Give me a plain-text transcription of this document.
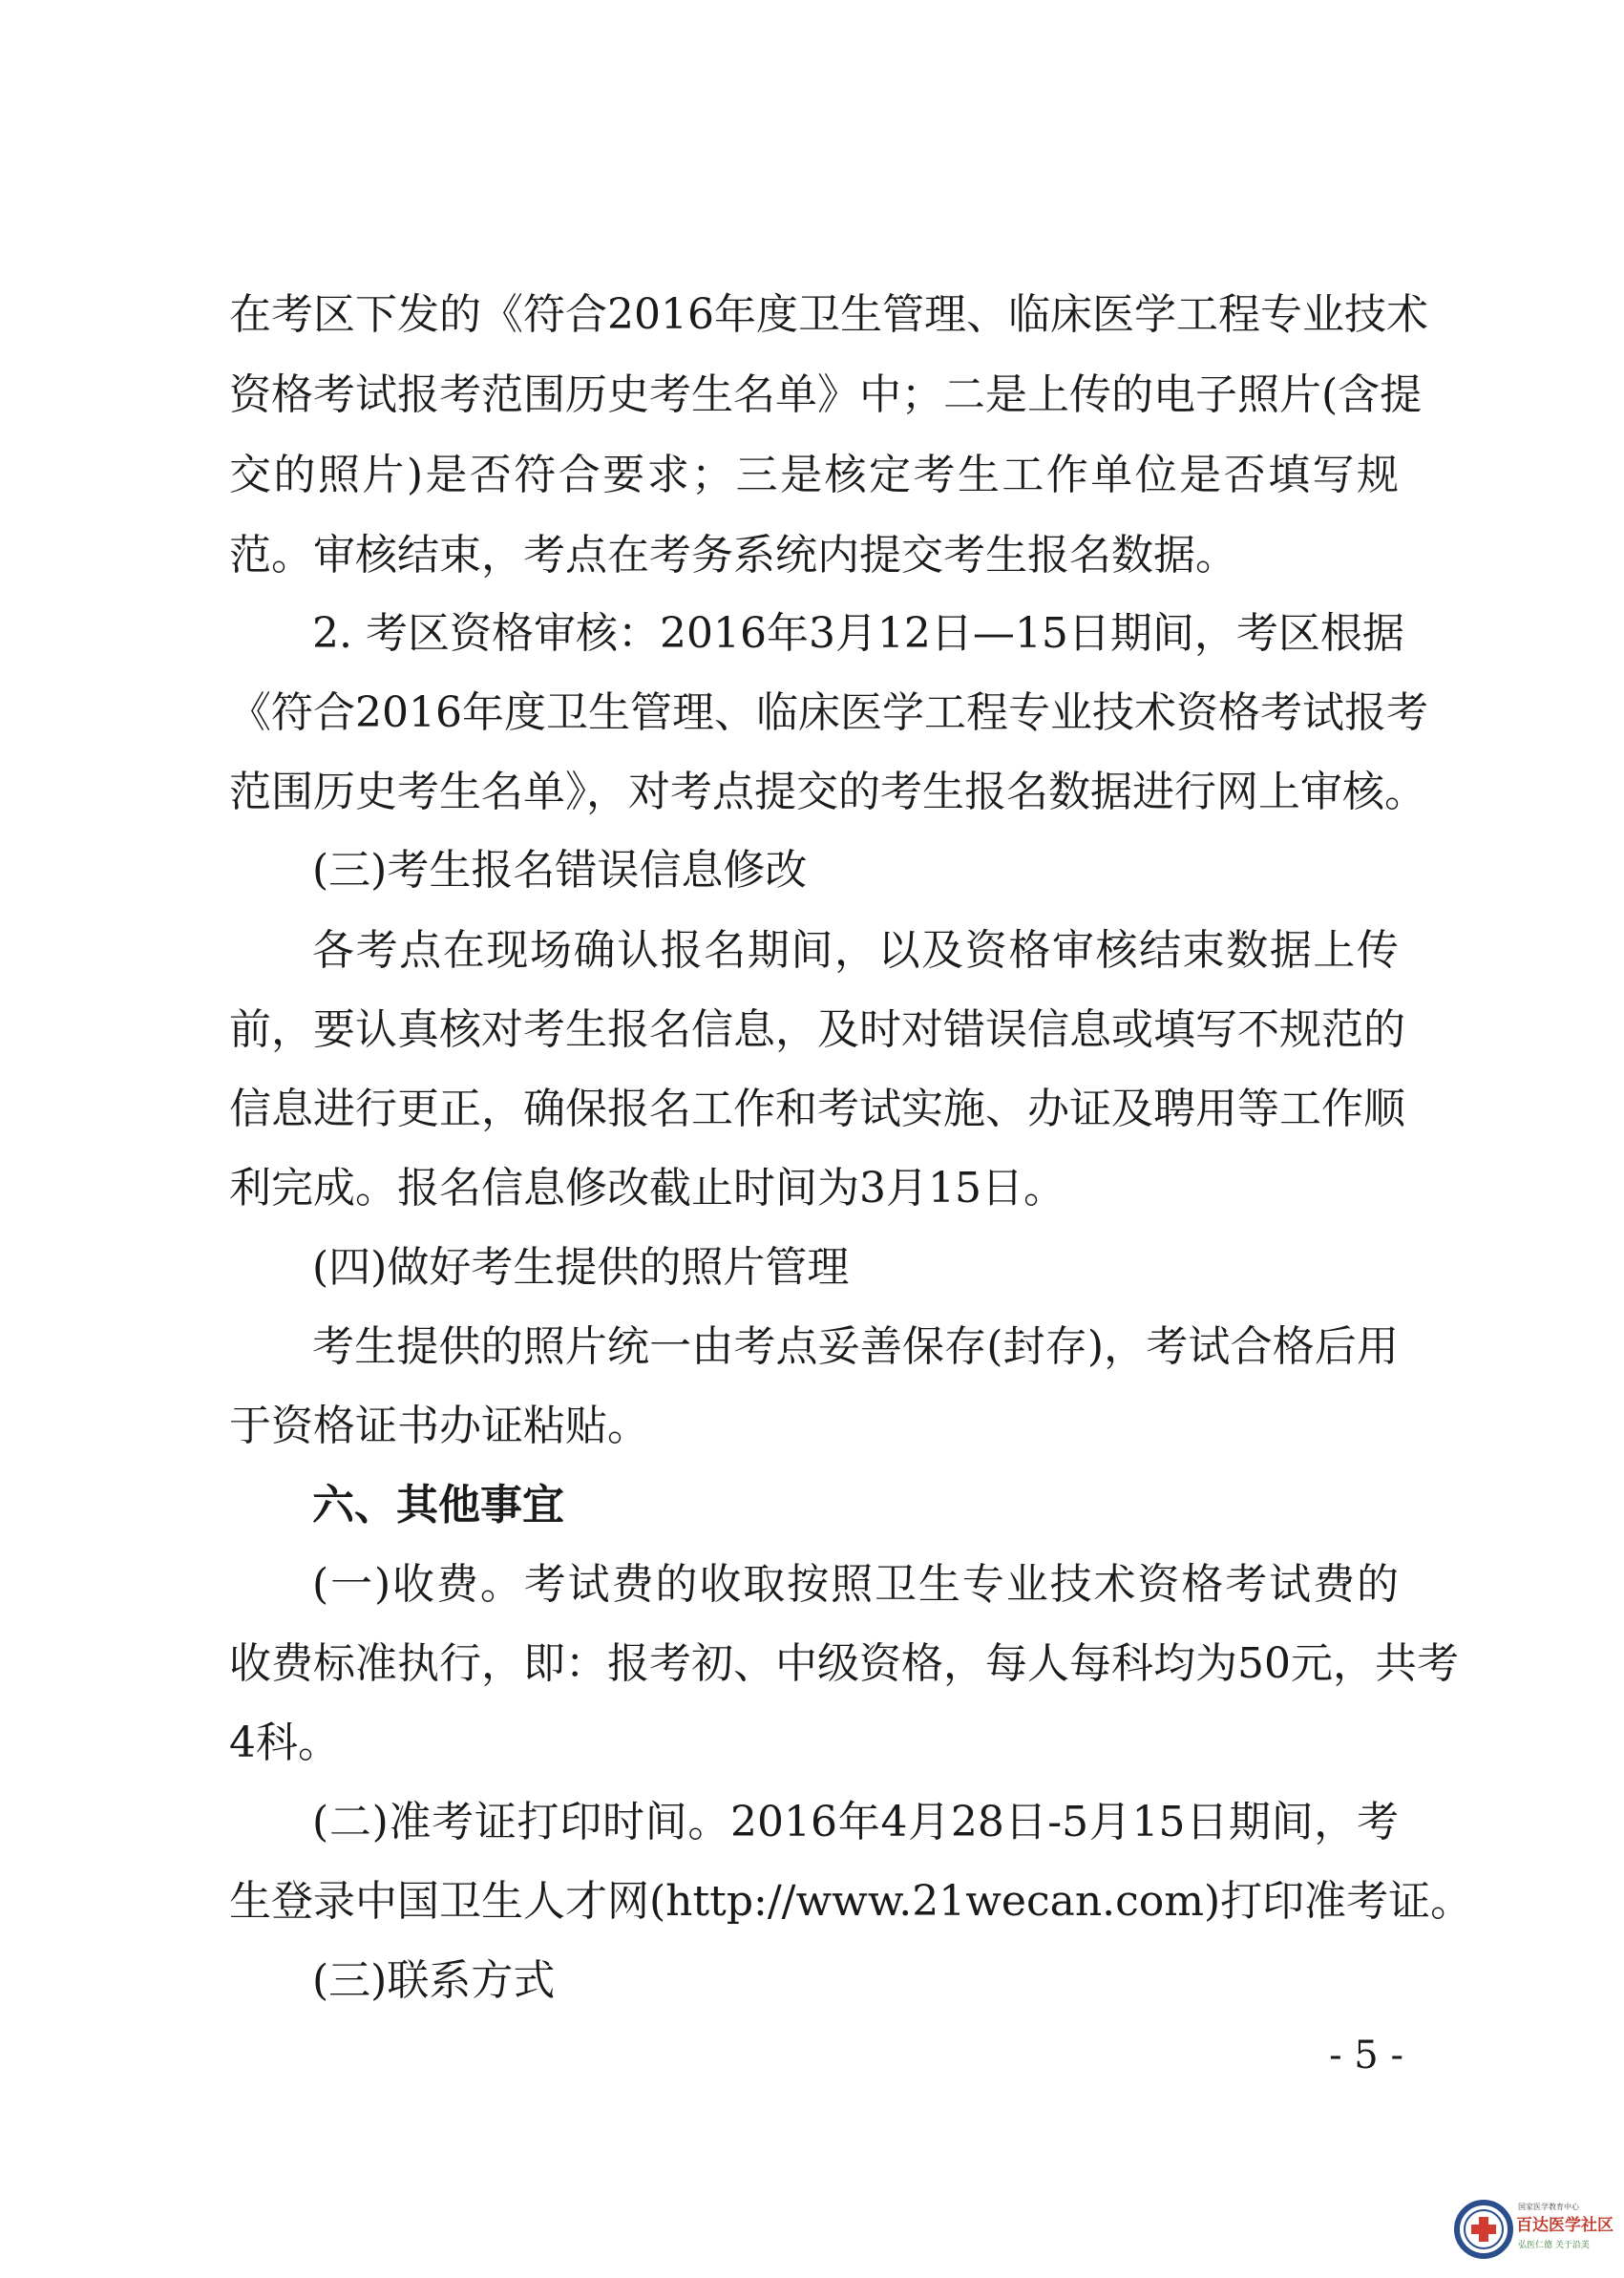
在考区下发的《符合2016年度卫生管理、临床医学工程专业技术
资格考试报考范围历史考生名单》中；二是上传的电子照片(含提
交的照片)是否符合要求；三是核定考生工作单位是否填写规
范。审核结束，考点在考务系统内提交考生报名数据。
2. 考区资格审核：2016年3月12日—15日期间，考区根据
《符合2016年度卫生管理、临床医学工程专业技术资格考试报考
范围历史考生名单》，对考点提交的考生报名数据进行网上审核。
(三)考生报名错误信息修改
各考点在现场确认报名期间，以及资格审核结束数据上传
前，要认真核对考生报名信息，及时对错误信息或填写不规范的
信息进行更正，确保报名工作和考试实施、办证及聘用等工作顺
利完成。报名信息修改截止时间为3月15日。
(四)做好考生提供的照片管理
考生提供的照片统一由考点妥善保存(封存)，考试合格后用
于资格证书办证粘贴。
六、其他事宜
(一)收费。考试费的收取按照卫生专业技术资格考试费的
收费标准执行，即：报考初、中级资格，每人每科均为50元，共考
4科。
(二)准考证打印时间。2016年4月28日-5月15日期间，考
生登录中国卫生人才网(http://www.21wecan.com)打印准考证。
(三)联系方式
- 5 -
国家医学教育中心
百达医学社区
弘医仁德 关于沿美
